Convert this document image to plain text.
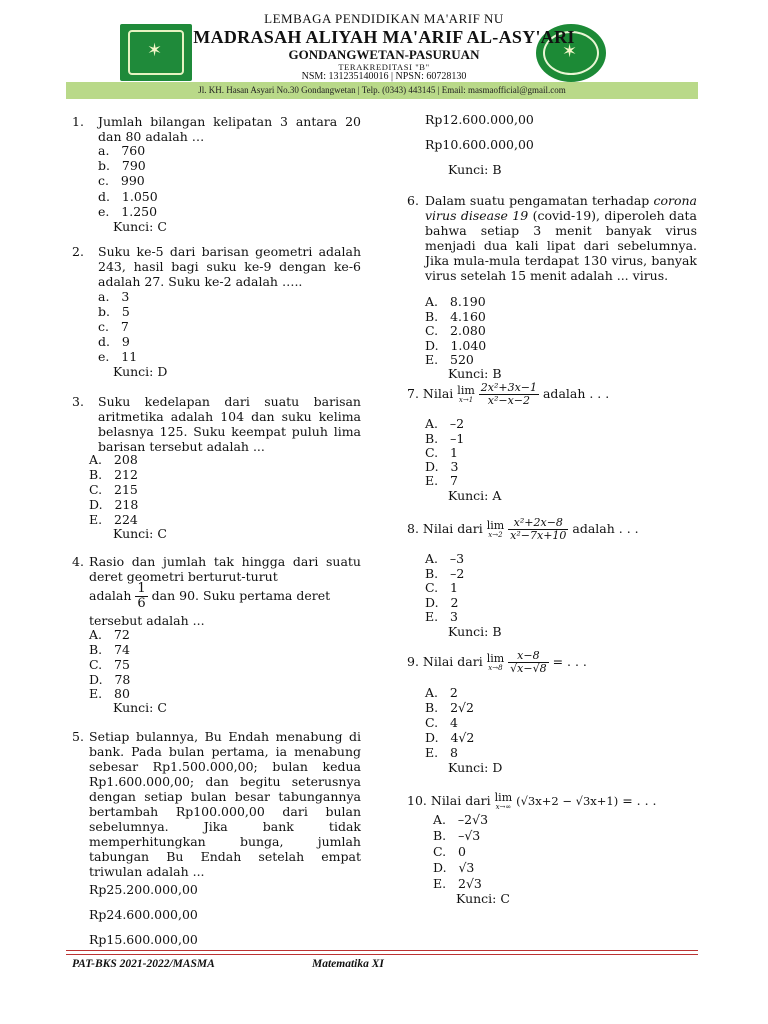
✶	✶
LEMBAGA PENDIDIKAN MA'ARIF NU
MADRASAH ALIYAH MA'ARIF AL-ASY'ARI
GONDANGWETAN-PASURUAN
TERAKREDITASI "B"
NSM: 131235140016 | NPSN: 60728130
Jl. KH. Hasan Asyari No.30 Gondangwetan | Telp. (0343) 443145 | Email: masmaofficial@gmail.com
1. Jumlah bilangan kelipatan 3 antara 20 dan 80 adalah …
a.   760
b.   790
c.   990
d.   1.050
e.   1.250
Kunci: C
2. Suku ke-5 dari barisan geometri adalah 243, hasil bagi suku ke-9 dengan ke-6 adalah 27. Suku ke-2 adalah …..
a.   3
b.   5
c.   7
d.   9
e.   11
Kunci: D
3. Suku kedelapan dari suatu barisan aritmetika adalah 104 dan suku kelima belasnya 125. Suku keempat puluh lima barisan tersebut adalah ...
A.   208
B.   212
C.   215
D.   218
E.   224
Kunci: C
4. Rasio dan jumlah tak hingga dari suatu deret geometri berturut-turut
adalah $\frac{1}{6}$ dan 90. Suku pertama deret
tersebut adalah ...
A.   72
B.   74
C.   75
D.   78
E.   80
Kunci: C
5. Setiap bulannya, Bu Endah menabung di bank. Pada bulan pertama, ia menabung sebesar Rp1.500.000,00; bulan kedua Rp1.600.000,00; dan begitu seterusnya dengan setiap bulan besar tabungannya bertambah Rp100.000,00 dari bulan sebelumnya. Jika bank tidak memperhitungkan bunga, jumlah tabungan Bu Endah setelah empat triwulan adalah ...
Rp25.200.000,00
Rp24.600.000,00
Rp15.600.000,00
Rp12.600.000,00
Rp10.600.000,00
Kunci: B
6. Dalam suatu pengamatan terhadap corona virus disease 19 (covid-19), diperoleh data bahwa setiap 3 menit banyak virus menjadi dua kali lipat dari sebelumnya. Jika mula-mula terdapat 130 virus, banyak virus setelah 15 menit adalah ... virus.
A.   8.190
B.   4.160
C.   2.080
D.   1.040
E.   520
Kunci: B
7. Nilai lim
x→1
$\frac{\text{2x²+3x−1}}{\text{x²−x−2}}$ adalah . . .
A.   –2
B.   –1
C.   1
D.   3
E.   7
Kunci: A
8. Nilai dari lim
x→2
$\frac{\text{x²+2x−8}}{\text{x²−7x+10}}$ adalah . . .
A.   –3
B.   –2
C.   1
D.   2
E.   3
Kunci: B
9. Nilai dari lim
x→8
$\frac{x-8}{√x-√8}$ = . . .
A.   2
B.   2√2
C.   4
D.   4√2
E.   8
Kunci: D
10. Nilai dari lim
x→∞ (√3x+2 − √3x+1) = . . .
A.   –2√3
B.   –√3
C.   0
D.   √3
E.   2√3
Kunci: C
PAT-BKS 2021-2022/MASMA	Matematika XI
